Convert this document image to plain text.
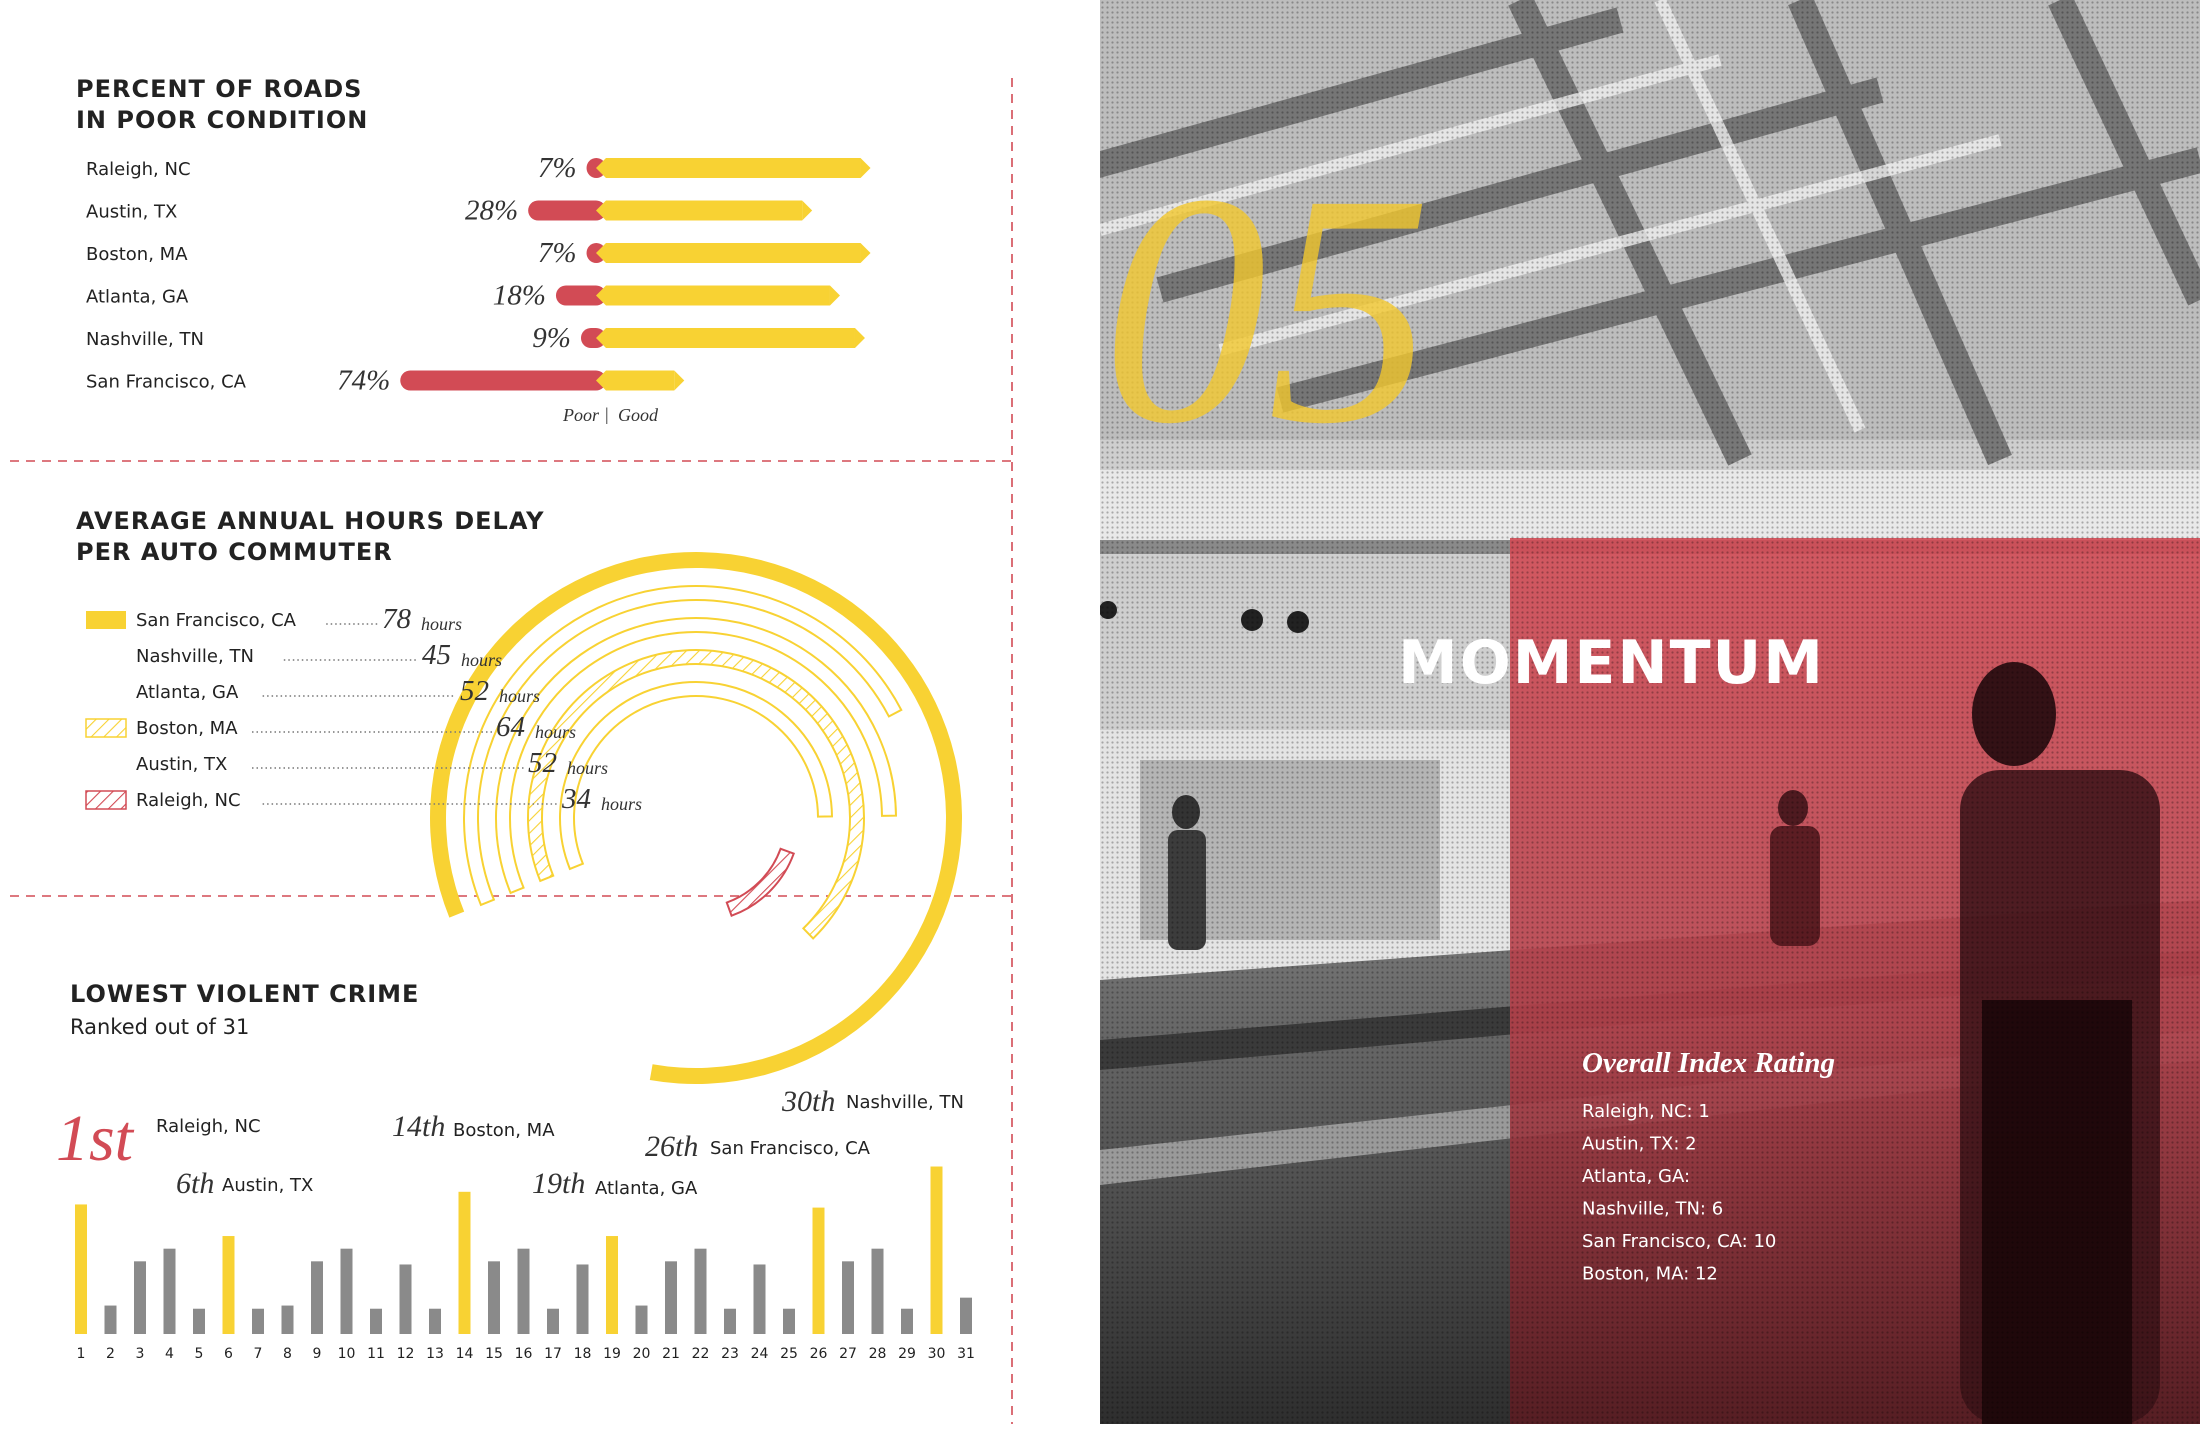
PERCENT OF ROADS
IN POOR CONDITION
Raleigh, NC	7%
Austin, TX	28%
Boston, MA	7%
Atlanta, GA	18%
Nashville, TN	9%
San Francisco, CA	74%
Poor | Good
AVERAGE ANNUAL HOURS DELAY
PER AUTO COMMUTER
San Francisco, CA	78 hours
Nashville, TN	45 hours
Atlanta, GA	52 hours
Boston, MA	64 hours
Austin, TX	52 hours
Raleigh, NC	34 hours
LOWEST VIOLENT CRIME
Ranked out of 31
1 2 3 4 5 6 7 8 9 10 11 12 13 14 15 16 17 18 19 20 21 22 23 24 25 26 27 28 29 30 31
1st Raleigh, NC
6th Austin, TX
14th Boston, MA
19th Atlanta, GA
26th San Francisco, CA
30th Nashville, TN
05
MOMENTUM
Overall Index Rating
Raleigh, NC: 1
Austin, TX: 2
Atlanta, GA:
Nashville, TN: 6
San Francisco, CA: 10
Boston, MA: 12
